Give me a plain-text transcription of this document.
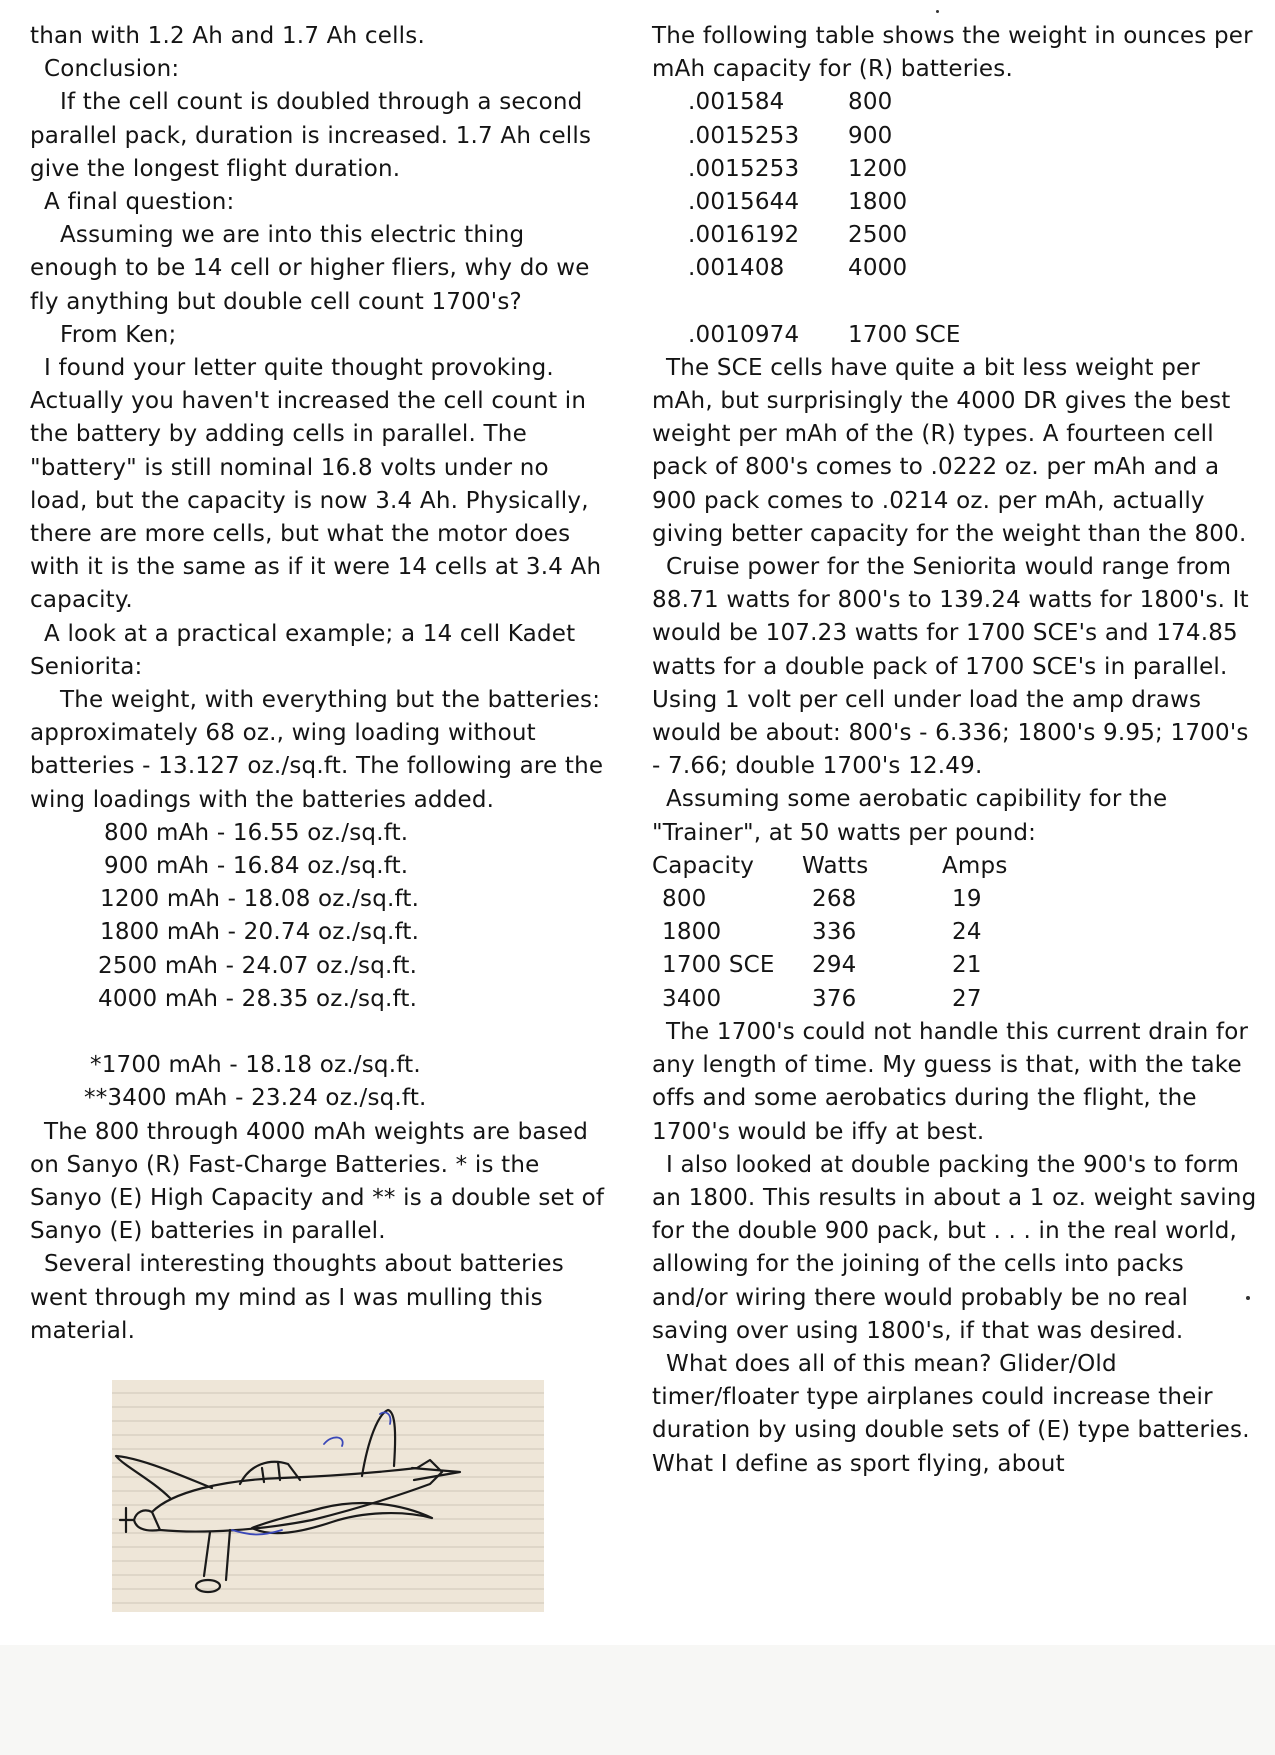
than with 1.2 Ah and 1.7 Ah cells.

Conclusion:

If the cell count is doubled through a second parallel pack, duration is increased. 1.7 Ah cells give the longest flight duration.

A final question:

Assuming we are into this electric thing enough to be 14 cell or higher fliers, why do we fly anything but double cell count 1700's?

From Ken;

I found your letter quite thought provoking. Actually you haven't increased the cell count in the battery by adding cells in parallel. The "battery" is still nominal 16.8 volts under no load, but the capacity is now 3.4 Ah. Physically, there are more cells, but what the motor does with it is the same as if it were 14 cells at 3.4 Ah capacity.

A look at a practical example; a 14 cell Kadet Seniorita:

The weight, with everything but the batteries: approximately 68 oz., wing loading without batteries - 13.127 oz./sq.ft. The following are the wing loadings with the batteries added.

800 mAh - 16.55 oz./sq.ft.
900 mAh - 16.84 oz./sq.ft.
1200 mAh - 18.08 oz./sq.ft.
1800 mAh - 20.74 oz./sq.ft.
2500 mAh - 24.07 oz./sq.ft.
4000 mAh - 28.35 oz./sq.ft.
*1700 mAh - 18.18 oz./sq.ft.
**3400 mAh - 23.24 oz./sq.ft.

The 800 through 4000 mAh weights are based on Sanyo (R) Fast-Charge Batteries. * is the Sanyo (E) High Capacity and ** is a double set of Sanyo (E) batteries in parallel.

Several interesting thoughts about batteries went through my mind as I was mulling this material.

The following table shows the weight in ounces per mAh capacity for (R) batteries.

.001584	800
.0015253	900
.0015253	1200
.0015644	1800
.0016192	2500
.001408	4000
.0010974	1700 SCE

The SCE cells have quite a bit less weight per mAh, but surprisingly the 4000 DR gives the best weight per mAh of the (R) types. A fourteen cell pack of 800's comes to .0222 oz. per mAh and a 900 pack comes to .0214 oz. per mAh, actually giving better capacity for the weight than the 800.

Cruise power for the Seniorita would range from 88.71 watts for 800's to 139.24 watts for 1800's. It would be 107.23 watts for 1700 SCE's and 174.85 watts for a double pack of 1700 SCE's in parallel. Using 1 volt per cell under load the amp draws would be about: 800's - 6.336; 1800's 9.95; 1700's - 7.66; double 1700's 12.49.

Assuming some aerobatic capibility for the "Trainer", at 50 watts per pound:

Capacity	Watts	Amps
800	268	19
1800	336	24
1700 SCE	294	21
3400	376	27

The 1700's could not handle this current drain for any length of time. My guess is that, with the take offs and some aerobatics during the flight, the 1700's would be iffy at best.

I also looked at double packing the 900's to form an 1800. This results in about a 1 oz. weight saving for the double 900 pack, but . . . in the real world, allowing for the joining of the cells into packs and/or wiring there would probably be no real saving over using 1800's, if that was desired.

What does all of this mean? Glider/Old timer/floater type airplanes could increase their duration by using double sets of (E) type batteries. What I define as sport flying, about
